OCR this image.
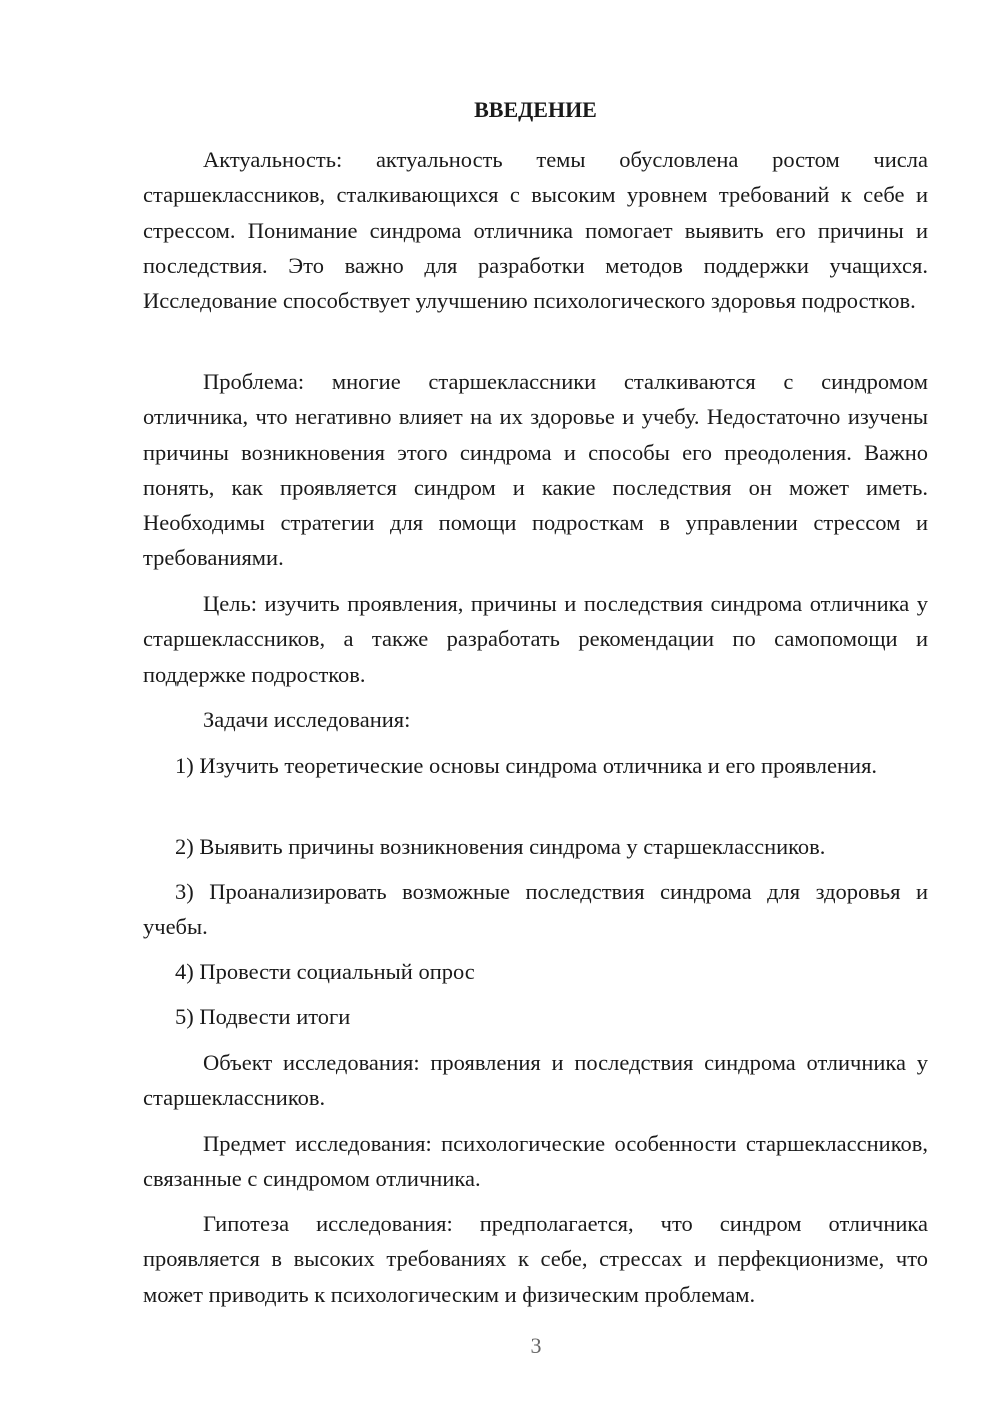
ВВЕДЕНИЕ

Актуальность: актуальность темы обусловлена ростом числа старшеклассников, сталкивающихся с высоким уровнем требований к себе и стрессом. Понимание синдрома отличника помогает выявить его причины и последствия. Это важно для разработки методов поддержки учащихся. Исследование способствует улучшению психологического здоровья подростков.

Проблема: многие старшеклассники сталкиваются с синдромом отличника, что негативно влияет на их здоровье и учебу. Недостаточно изучены причины возникновения этого синдрома и способы его преодоления. Важно понять, как проявляется синдром и какие последствия он может иметь. Необходимы стратегии для помощи подросткам в управлении стрессом и требованиями.

Цель: изучить проявления, причины и последствия синдрома отличника у старшеклассников, а также разработать рекомендации по самопомощи и поддержке подростков.

Задачи исследования:

1) Изучить теоретические основы синдрома отличника и его проявления.

2) Выявить причины возникновения синдрома у старшеклассников.

3) Проанализировать возможные последствия синдрома для здоровья и учебы.

4) Провести социальный опрос

5) Подвести итоги

Объект исследования: проявления и последствия синдрома отличника у старшеклассников.

Предмет исследования: психологические особенности старшеклассников, связанные с синдромом отличника.

Гипотеза исследования: предполагается, что синдром отличника проявляется в высоких требованиях к себе, стрессах и перфекционизме, что может приводить к психологическим и физическим проблемам.

3
